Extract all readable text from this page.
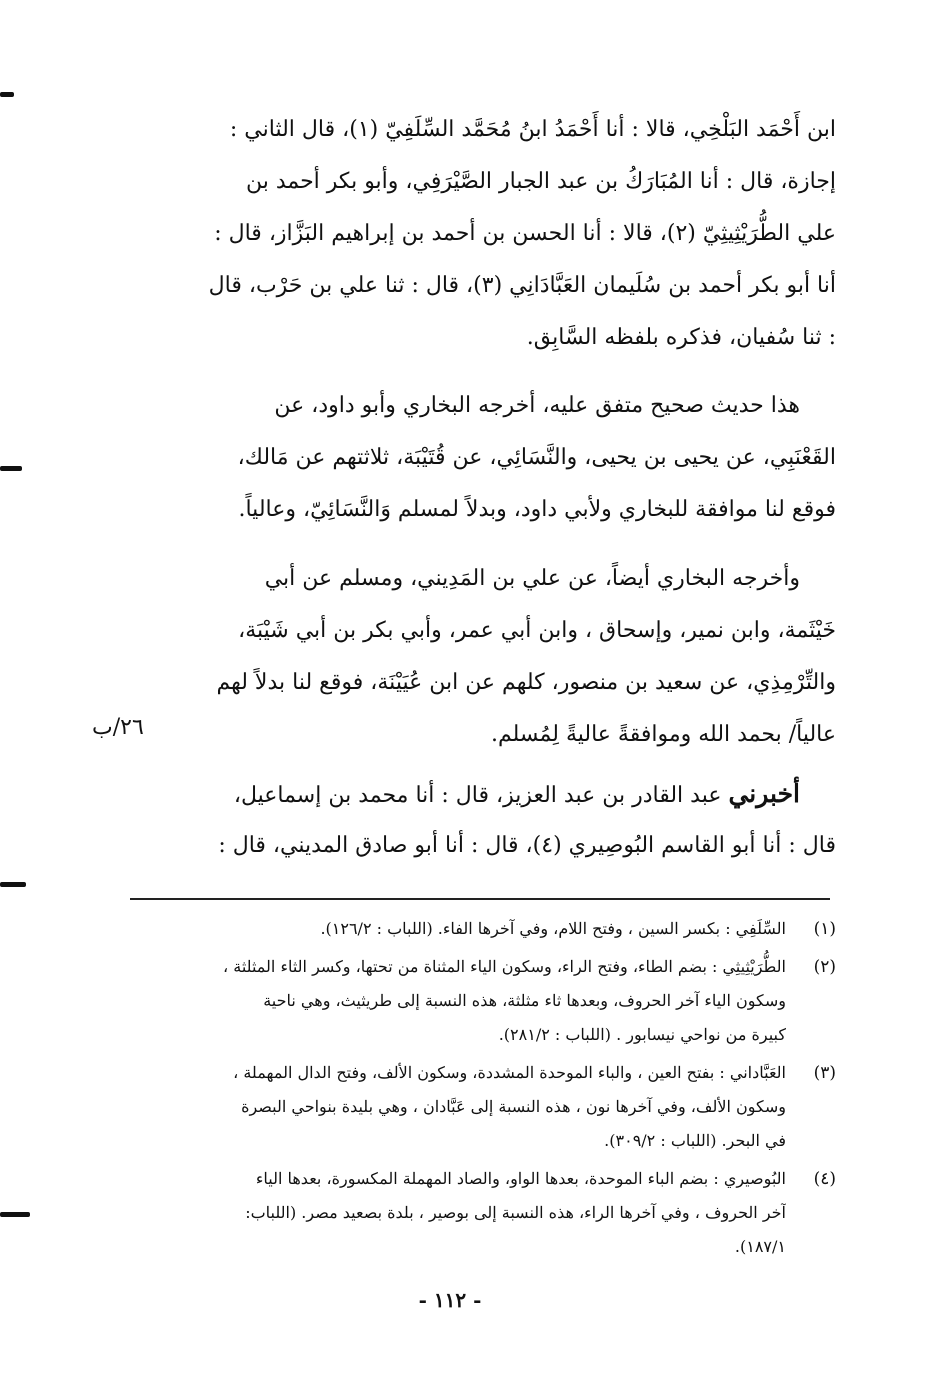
ابن أَحْمَد البَلْخِي، قالا : أنا أَحْمَدُ ابنُ مُحَمَّد السِّلَفِيّ (١)، قال الثاني :
إجازة، قال : أنا المُبَارَكُ بن عبد الجبار الصَّيْرَفِي، وأبو بكر أحمد بن
علي الطُّرَيْثِيثِيّ (٢)، قالا : أنا الحسن بن أحمد بن إبراهيم البَزَّاز، قال :
أنا أبو بكر أحمد بن سُلَيمان العَبَّادَانِي (٣)، قال : ثنا علي بن حَرْب، قال
: ثنا سُفيان، فذكره بلفظه السَّابِق.
هذا حديث صحيح متفق عليه، أخرجه البخاري وأبو داود، عن
القَعْنَبِي، عن يحيى بن يحيى، والنَّسَائِي، عن قُتَيْبَة، ثلاثتهم عن مَالك،
فوقع لنا موافقة للبخاري ولأبي داود، وبدلاً لمسلم وَالنَّسَائِيّ، وعالياً.
وأخرجه البخاري أيضاً، عن علي بن المَدِيني، ومسلم عن أبي
خَيْثَمة، وابن نمير، وإسحاق ، وابن أبي عمر، وأبي بكر بن أبي شَيْبَة،
والتِّرْمِذِي، عن سعيد بن منصور، كلهم عن ابن عُيَيْنَة، فوقع لنا بدلاً لهم
عالياً/ بحمد الله وموافقةً عاليةً لِمُسلم.
٢٦/ب
أخبرني عبد القادر بن عبد العزيز، قال : أنا محمد بن إسماعيل،
قال : أنا أبو القاسم البُوصِيري (٤)، قال : أنا أبو صادق المديني، قال :
(١)
السِّلَفِي : بكسر السين ، وفتح اللام، وفي آخرها الفاء. (اللباب : ١٢٦/٢).
(٢)
الطُّرَيْثِيثِي : بضم الطاء، وفتح الراء، وسكون الياء المثناة من تحتها، وكسر الثاء المثلثة ،
وسكون الياء آخر الحروف، وبعدها ثاء مثلثة، هذه النسبة إلى طريثيث، وهي ناحية
كبيرة من نواحي نيسابور . (اللباب : ٢٨١/٢).
(٣)
العَبَّاداني : بفتح العين ، والباء الموحدة المشددة، وسكون الألف، وفتح الدال المهملة ،
وسكون الألف، وفي آخرها نون ، هذه النسبة إلى عَبَّادان ، وهي بليدة بنواحي البصرة
في البحر. (اللباب : ٣٠٩/٢).
(٤)
البُوصيري : بضم الباء الموحدة، بعدها الواو، والصاد المهملة المكسورة، بعدها الياء
آخر الحروف ، وفي آخرها الراء، هذه النسبة إلى بوصير ، بلدة بصعيد مصر. (اللباب:
١٨٧/١).
- ١١٢ -
